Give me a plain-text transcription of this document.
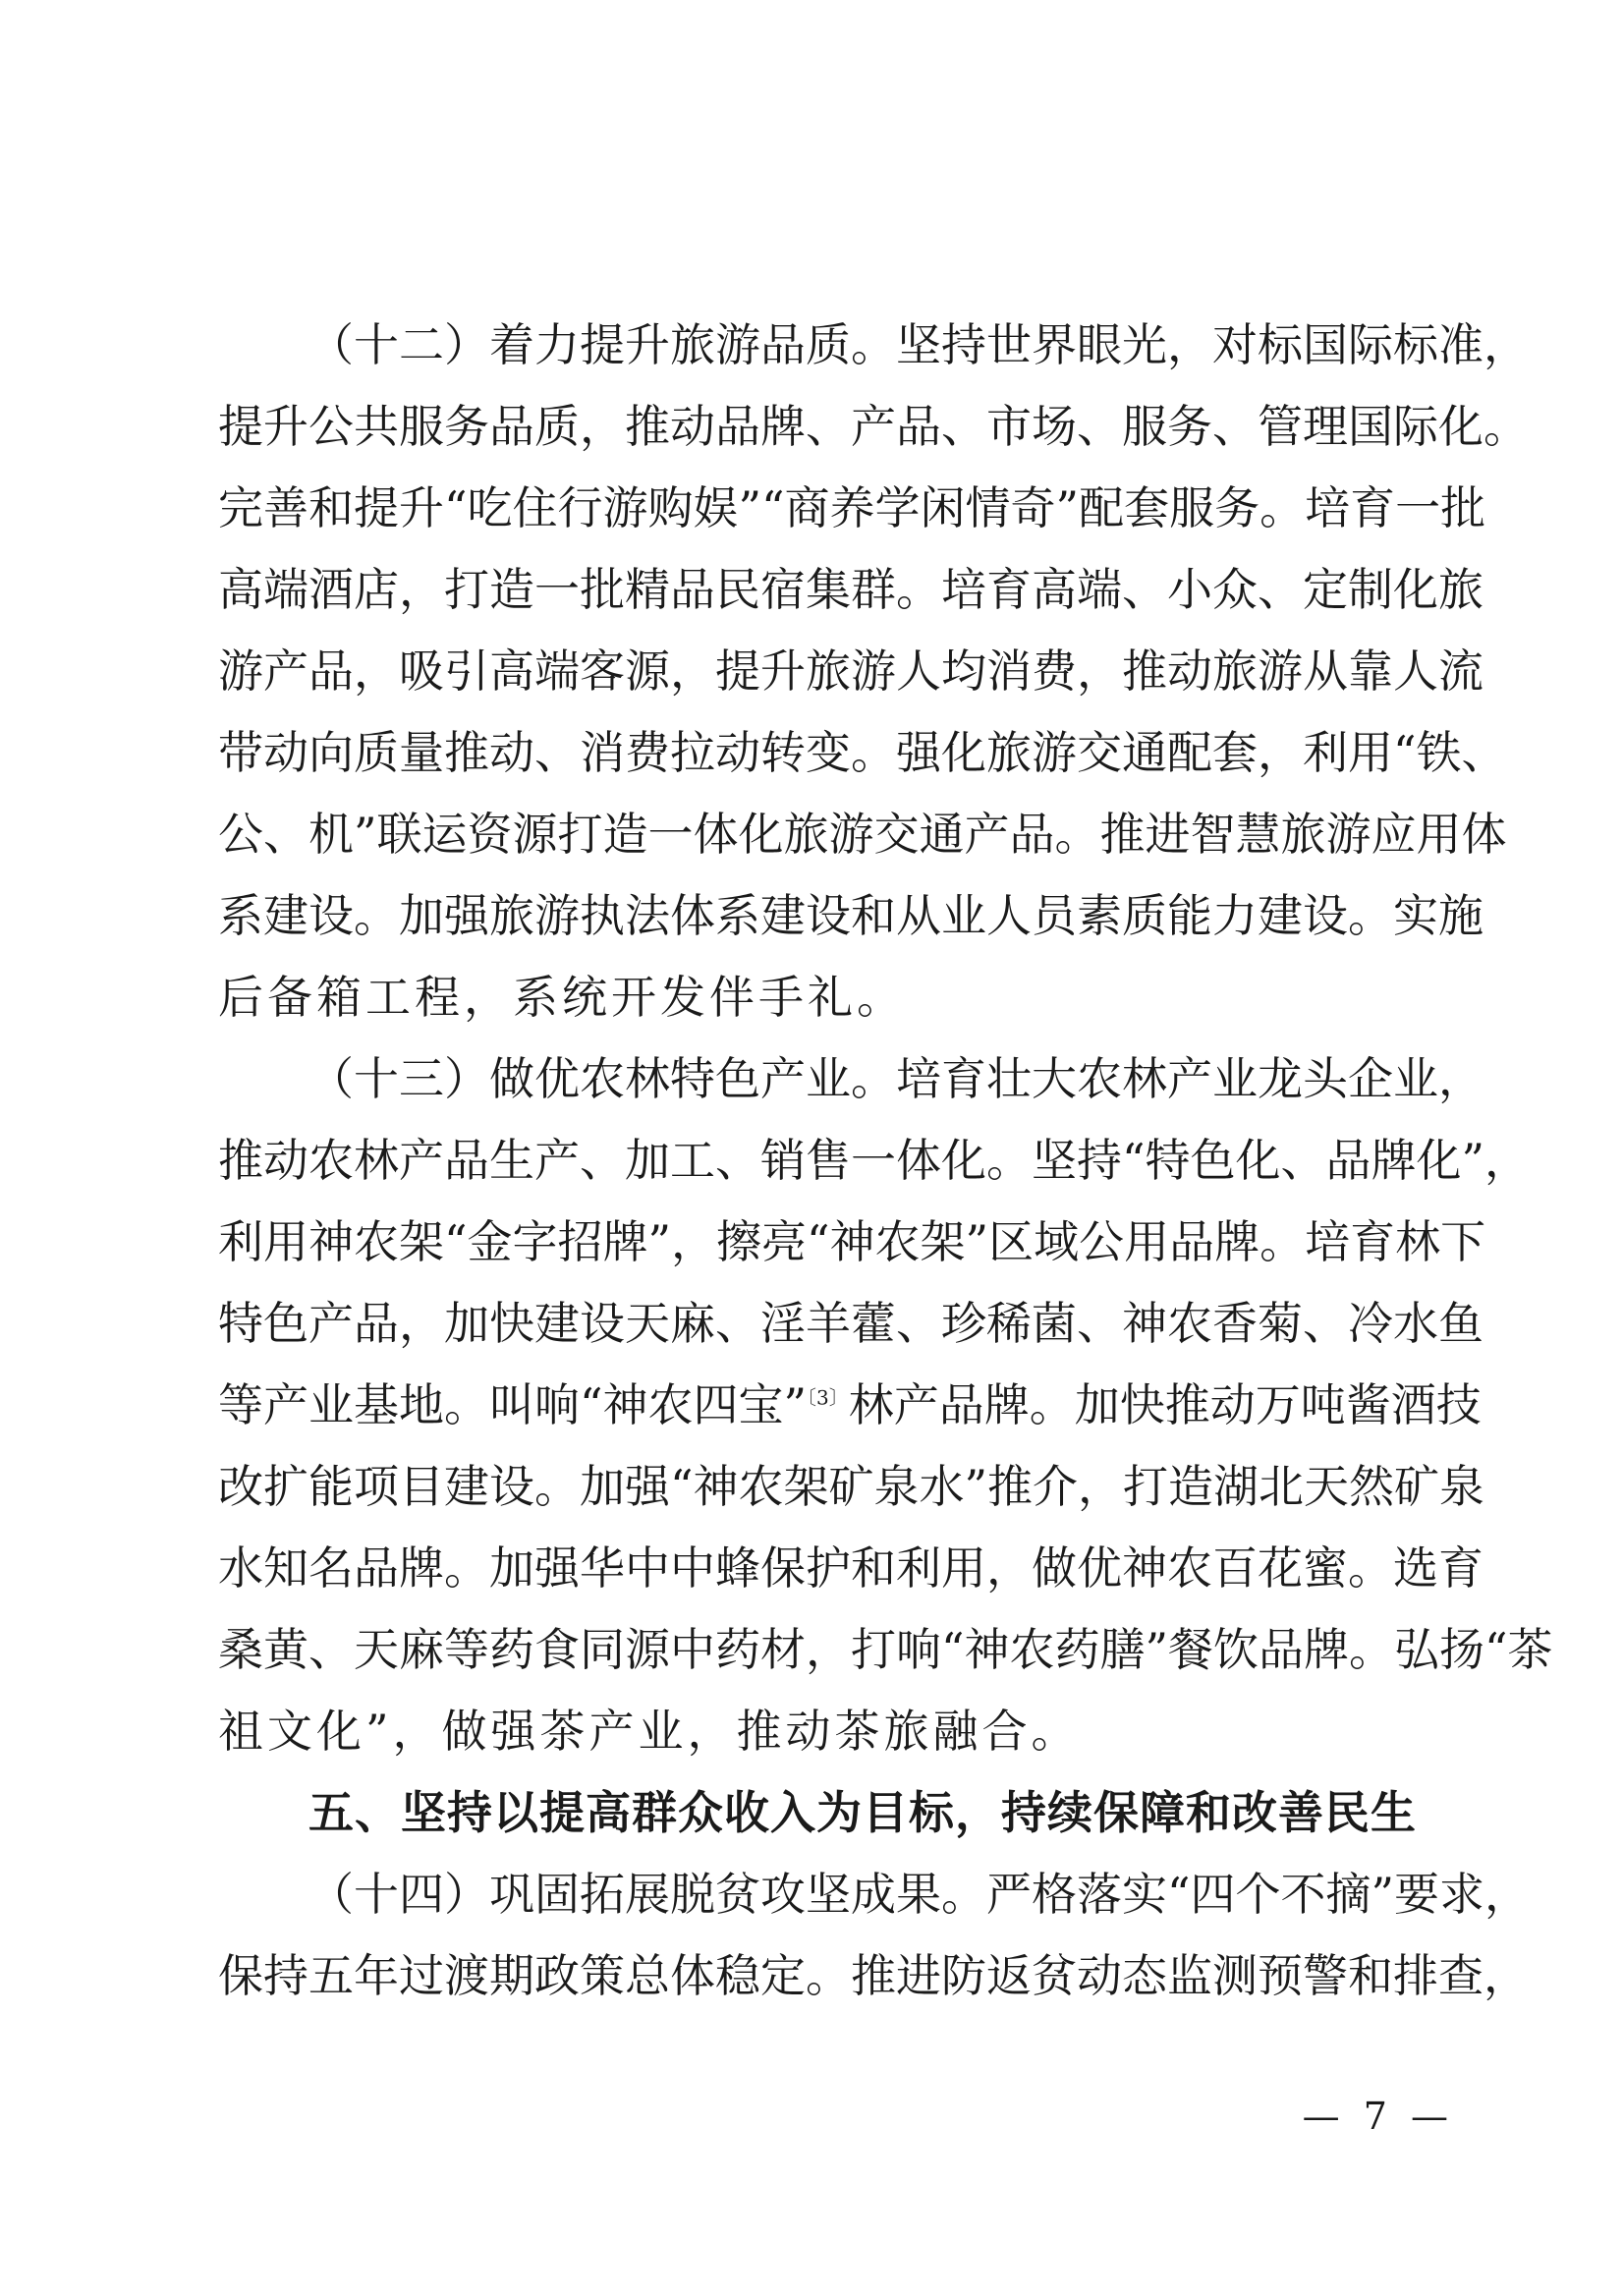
（十二）着力提升旅游品质。坚持世界眼光，对标国际标准，
提升公共服务品质，推动品牌、产品、市场、服务、管理国际化。
完善和提升“吃住行游购娱”“商养学闲情奇”配套服务。培育一批
高端酒店，打造一批精品民宿集群。培育高端、小众、定制化旅
游产品，吸引高端客源，提升旅游人均消费，推动旅游从靠人流
带动向质量推动、消费拉动转变。强化旅游交通配套，利用“铁、
公、机”联运资源打造一体化旅游交通产品。推进智慧旅游应用体
系建设。加强旅游执法体系建设和从业人员素质能力建设。实施
后备箱工程，系统开发伴手礼。
（十三）做优农林特色产业。培育壮大农林产业龙头企业，
推动农林产品生产、加工、销售一体化。坚持“特色化、品牌化”，
利用神农架“金字招牌”，擦亮“神农架”区域公用品牌。培育林下
特色产品，加快建设天麻、淫羊藿、珍稀菌、神农香菊、冷水鱼
等产业基地。叫响“神农四宝”$^{〔3〕}$林产品牌。加快推动万吨酱酒技
改扩能项目建设。加强“神农架矿泉水”推介，打造湖北天然矿泉
水知名品牌。加强华中中蜂保护和利用，做优神农百花蜜。选育
桑黄、天麻等药食同源中药材，打响“神农药膳”餐饮品牌。弘扬“茶
祖文化”，做强茶产业，推动茶旅融合。
五、坚持以提高群众收入为目标，持续保障和改善民生
（十四）巩固拓展脱贫攻坚成果。严格落实“四个不摘”要求，
保持五年过渡期政策总体稳定。推进防返贫动态监测预警和排查，
— 7 —
